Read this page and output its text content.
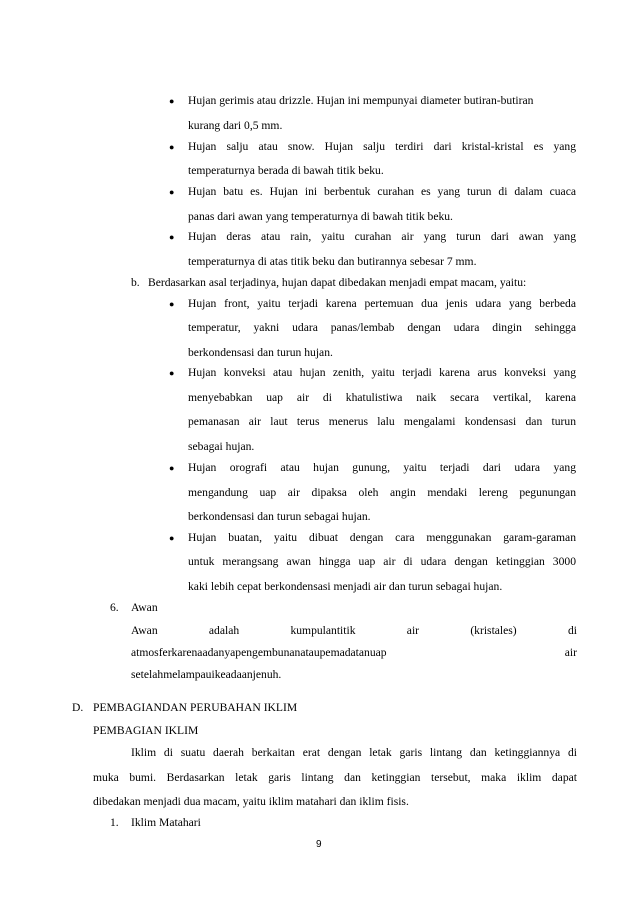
● Hujan gerimis atau drizzle. Hujan ini mempunyai diameter butiran-butiran
kurang dari 0,5 mm.
● Hujan salju atau snow. Hujan salju terdiri dari kristal-kristal es yang
temperaturnya berada di bawah titik beku.
● Hujan batu es. Hujan ini berbentuk curahan es yang turun di dalam cuaca
panas dari awan yang temperaturnya di bawah titik beku.
● Hujan deras atau rain, yaitu curahan air yang turun dari awan yang
temperaturnya di atas titik beku dan butirannya sebesar 7 mm.
b. Berdasarkan asal terjadinya, hujan dapat dibedakan menjadi empat macam, yaitu:
● Hujan front, yaitu terjadi karena pertemuan dua jenis udara yang berbeda
temperatur, yakni udara panas/lembab dengan udara dingin sehingga
berkondensasi dan turun hujan.
● Hujan konveksi atau hujan zenith, yaitu terjadi karena arus konveksi yang
menyebabkan uap air di khatulistiwa naik secara vertikal, karena
pemanasan air laut terus menerus lalu mengalami kondensasi dan turun
sebagai hujan.
● Hujan orografi atau hujan gunung, yaitu terjadi dari udara yang
mengandung uap air dipaksa oleh angin mendaki lereng pegunungan
berkondensasi dan turun sebagai hujan.
● Hujan buatan, yaitu dibuat dengan cara menggunakan garam-garaman
untuk merangsang awan hingga uap air di udara dengan ketinggian 3000
kaki lebih cepat berkondensasi menjadi air dan turun sebagai hujan.
6. Awan
Awan	adalah	kumpulantitik	air	(kristales)	di
atmosferkarenaadanyapengembunanataupemadatanuap	air
setelahmelampauikeadaanjenuh.
D. PEMBAGIANDAN PERUBAHAN IKLIM
PEMBAGIAN IKLIM
Iklim di suatu daerah berkaitan erat dengan letak garis lintang dan ketinggiannya di
muka bumi. Berdasarkan letak garis lintang dan ketinggian tersebut, maka iklim dapat
dibedakan menjadi dua macam, yaitu iklim matahari dan iklim fisis.
1. Iklim Matahari
9
